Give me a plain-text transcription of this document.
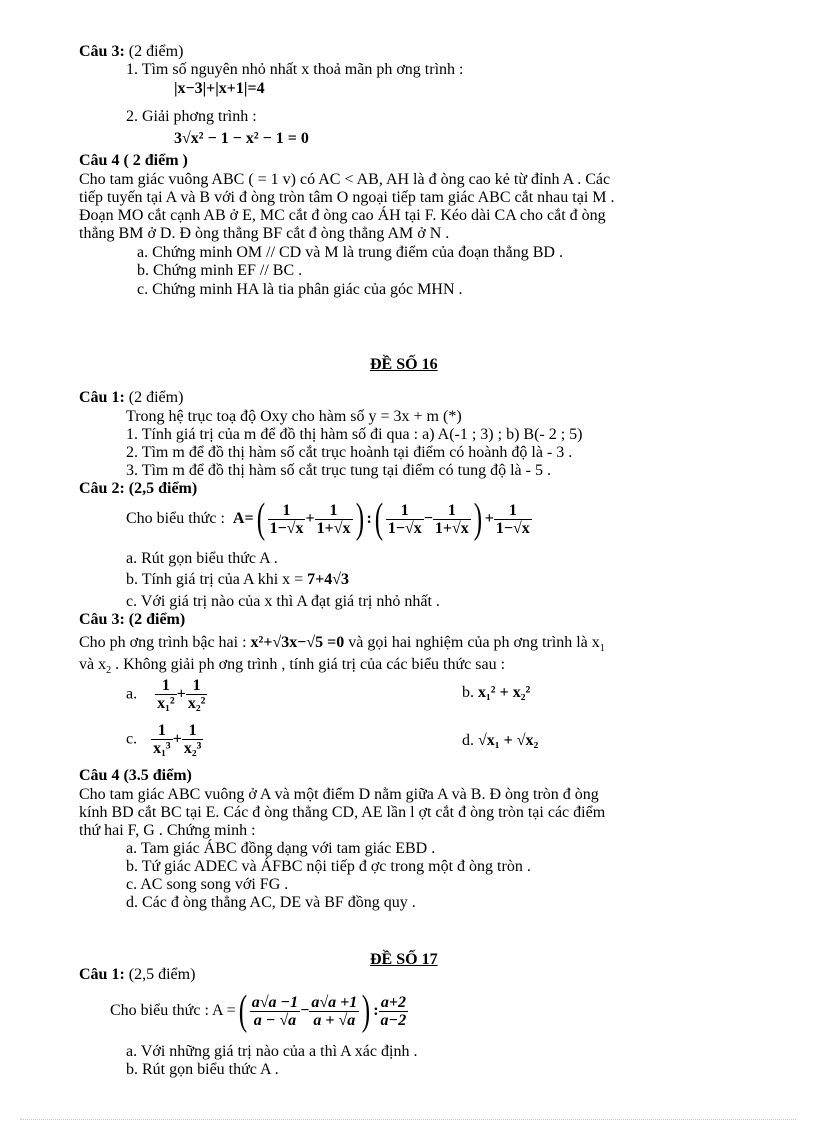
Câu 3: (2 điểm)
1. Tìm số nguyên nhỏ nhất x thoả mãn ph ơng trình :
|x−3|+|x+1|=4
2. Giải phơng trình :
3√x² − 1 − x² − 1 = 0
Câu 4 ( 2 điểm )
Cho tam giác vuông ABC ( = 1 v) có AC < AB, AH là đ òng cao kẻ từ đỉnh A . Các
tiếp tuyến tại A và B với đ òng tròn tâm O ngoại tiếp tam giác ABC cắt nhau tại M .
Đoạn MO cắt cạnh AB ở E, MC cắt đ òng cao ÁH tại F. Kéo dài CA cho cắt đ òng
thẳng BM ở D. Đ òng thẳng BF cắt đ òng thẳng AM ở N .
a. Chứng minh OM // CD và M là trung điểm của đoạn thẳng BD .
b. Chứng minh EF // BC .
c. Chứng minh HA là tia phân giác của góc MHN .
ĐỀ SỐ 16
Câu 1: (2 điểm)
Trong hệ trục toạ độ Oxy cho hàm số y = 3x + m (*)
1. Tính giá trị của m để đồ thị hàm số đi qua : a) A(-1 ; 3) ; b) B(- 2 ; 5)
2. Tìm m để đồ thị hàm số cắt trục hoành tại điểm có hoành độ là - 3 .
3. Tìm m để đồ thị hàm số cắt trục tung tại điểm có tung độ là - 5 .
Câu 2: (2,5 điểm)
Cho biểu thức : $A=( \frac{1}{1-√x} + \frac{1}{1+√x}$ ) :( $\frac{1}{1-√x} - \frac{1}{1+√x}$ ) + $\frac{1}{1-√x}$
a. Rút gọn biểu thức A .
b. Tính giá trị của A khi x = 7+4√3
c. Với giá trị nào của x thì A đạt giá trị nhỏ nhất .
Câu 3: (2 điểm)
Cho ph ơng trình bậc hai : x²+√3x−√5 =0 và gọi hai nghiệm của ph ơng trình là $x_1$
và $x_2$ . Không giải ph ơng trình , tính giá trị của các biểu thức sau :
a. $\frac{1}{\text{x₁²}} + \frac{1}{\text{x₂²}}$	b. x₁² + x₂²
c. $\frac{1}{\text{x₁³}} + \frac{1}{\text{x₂³}}$	d. √x₁ + √x₂
Câu 4 (3.5 điểm)
Cho tam giác ABC vuông ở A và một điểm D nằm giữa A và B. Đ òng tròn đ òng
kính BD cắt BC tại E. Các đ òng thẳng CD, AE lần l ợt cắt đ òng tròn tại các điểm
thứ hai F, G . Chứng minh :
a. Tam giác ÁBC đồng dạng với tam giác EBD .
b. Tứ giác ADEC và ÁFBC nội tiếp đ ợc trong một đ òng tròn .
c. AC song song với FG .
d. Các đ òng thẳng AC, DE và BF đồng quy .
ĐỀ SỐ 17
Câu 1: (2,5 điểm)
Cho biểu thức : A =( $\frac{a√a -1}{a - √a} - \frac{a√a +1}{a + √a}$ ) : $\frac{a+2}{a-2}$
a. Với những giá trị nào của a thì A xác định .
b. Rút gọn biểu thức A .
